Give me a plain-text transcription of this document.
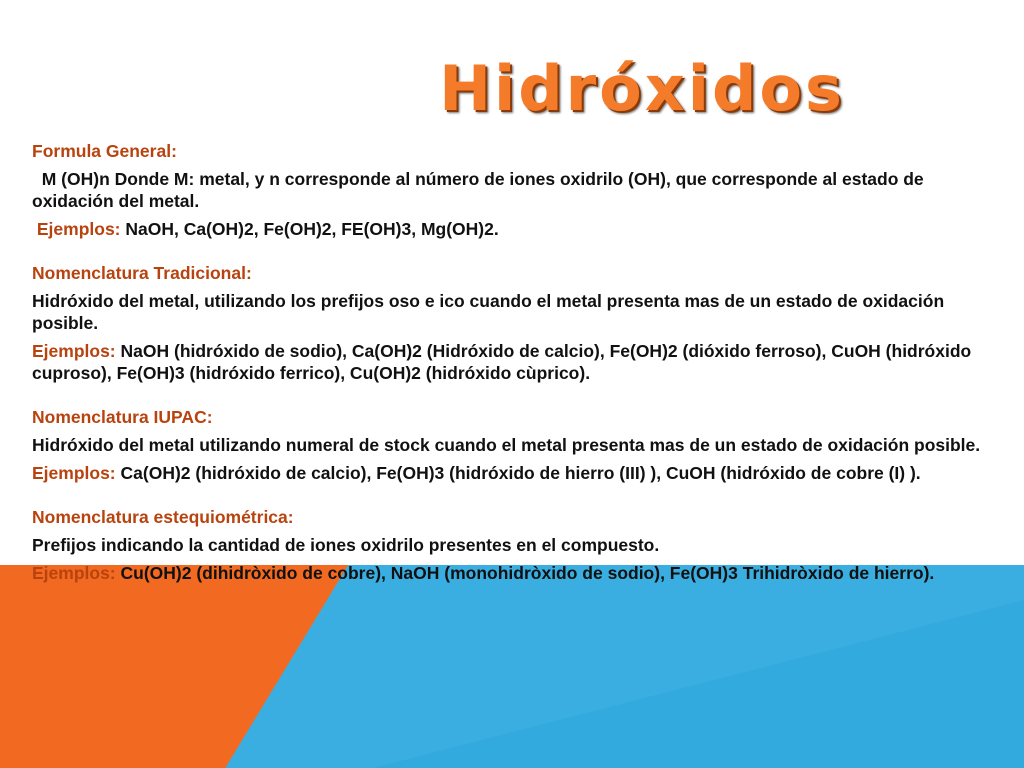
Hidróxidos

Formula General:

M (OH)n Donde M: metal, y n corresponde al número de iones oxidrilo (OH), que corresponde al estado de oxidación del metal.

Ejemplos: NaOH, Ca(OH)2, Fe(OH)2, FE(OH)3, Mg(OH)2.

Nomenclatura Tradicional:

Hidróxido del metal, utilizando los prefijos oso e ico cuando el metal presenta mas de un estado de oxidación posible.

Ejemplos: NaOH (hidróxido de sodio), Ca(OH)2 (Hidróxido de calcio), Fe(OH)2 (dióxido ferroso), CuOH (hidróxido cuproso), Fe(OH)3 (hidróxido ferrico), Cu(OH)2 (hidróxido cùprico).

Nomenclatura IUPAC:

Hidróxido del metal utilizando numeral de stock cuando el metal presenta mas de un estado de oxidación posible.

Ejemplos: Ca(OH)2 (hidróxido de calcio), Fe(OH)3 (hidróxido de hierro (III) ), CuOH (hidróxido de cobre (I) ).

Nomenclatura estequiométrica:

Prefijos indicando la cantidad de iones oxidrilo presentes en el compuesto.

Ejemplos: Cu(OH)2 (dihidròxido de cobre), NaOH (monohidròxido de sodio), Fe(OH)3 Trihidròxido de hierro).
